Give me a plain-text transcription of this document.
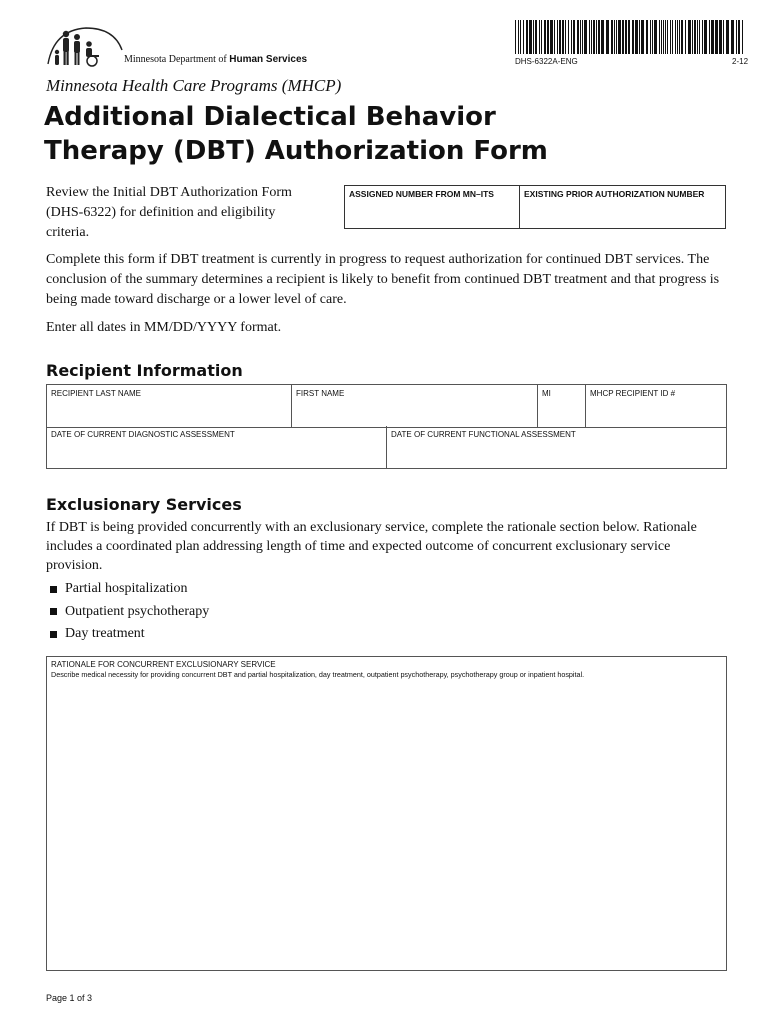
Minnesota Department of Human Services	DHS-6322A-ENG	2-12
Minnesota Health Care Programs (MHCP)
Additional Dialectical Behavior Therapy (DBT) Authorization Form
Review the Initial DBT Authorization Form (DHS-6322) for definition and eligibility criteria.
ASSIGNED NUMBER FROM MN–ITS	EXISTING PRIOR AUTHORIZATION NUMBER
Complete this form if DBT treatment is currently in progress to request authorization for continued DBT services. The conclusion of the summary determines a recipient is likely to benefit from continued DBT treatment and that progress is being made toward discharge or a lower level of care.
Enter all dates in MM/DD/YYYY format.
Recipient Information
RECIPIENT LAST NAME	FIRST NAME	MI	MHCP RECIPIENT ID #
DATE OF CURRENT DIAGNOSTIC ASSESSMENT	DATE OF CURRENT FUNCTIONAL ASSESSMENT
Exclusionary Services
If DBT is being provided concurrently with an exclusionary service, complete the rationale section below. Rationale includes a coordinated plan addressing length of time and expected outcome of concurrent exclusionary service provision.
Partial hospitalization
Outpatient psychotherapy
Day treatment
RATIONALE FOR CONCURRENT EXCLUSIONARY SERVICE
Describe medical necessity for providing concurrent DBT and partial hospitalization, day treatment, outpatient psychotherapy, psychotherapy group or inpatient hospital.
Page 1 of 3
